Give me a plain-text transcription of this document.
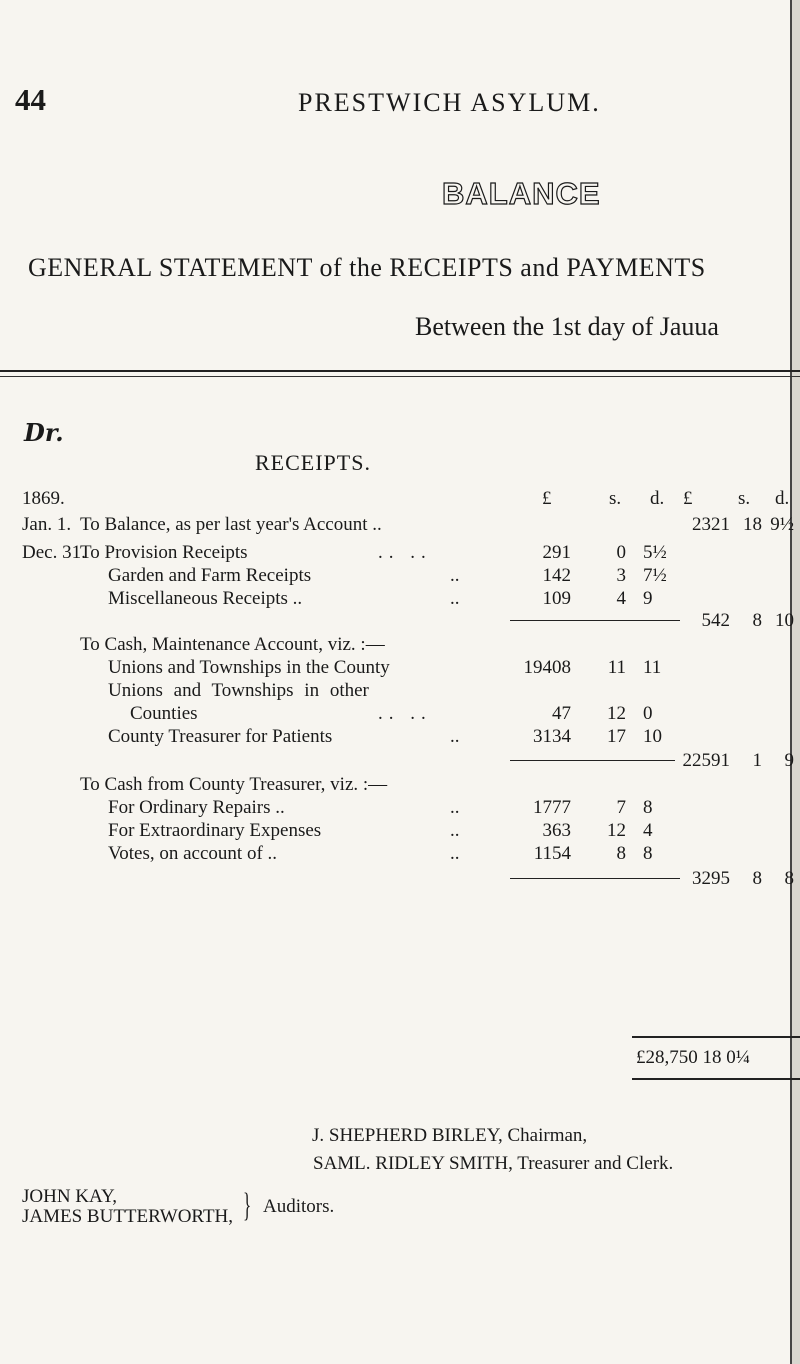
44	PRESTWICH ASYLUM.
BALANCE
GENERAL STATEMENT of the RECEIPTS and PAYMENTS
Between the 1st day of Jauua
Dr.
RECEIPTS.
1869.	£	s. d. £ s. d.
Jan. 1. To Balance, as per last year's Account ..	2321 18 9½
Dec. 31.
To Provision Receipts	.. ..	291	0 5½
Garden and Farm Receipts	..	142	3 7½
Miscellaneous Receipts ..	..	109	4 9
542	8 10
To Cash, Maintenance Account, viz. :—
Unions and Townships in the County	19408	11 11
Unions and Townships in other
Counties	.. ..	47	12 0
County Treasurer for Patients	..	3134	17 10
22591	1	9
To Cash from County Treasurer, viz. :—
For Ordinary Repairs ..	..	1777	7 8
For Extraordinary Expenses	..	363	12 4
Votes, on account of ..	..	1154	8 8
3295	8	8
£28,750 18 0¼
J. SHEPHERD BIRLEY, Chairman,
SAML. RIDLEY SMITH, Treasurer and Clerk.
JOHN KAY,
JAMES BUTTERWORTH, } Auditors.
